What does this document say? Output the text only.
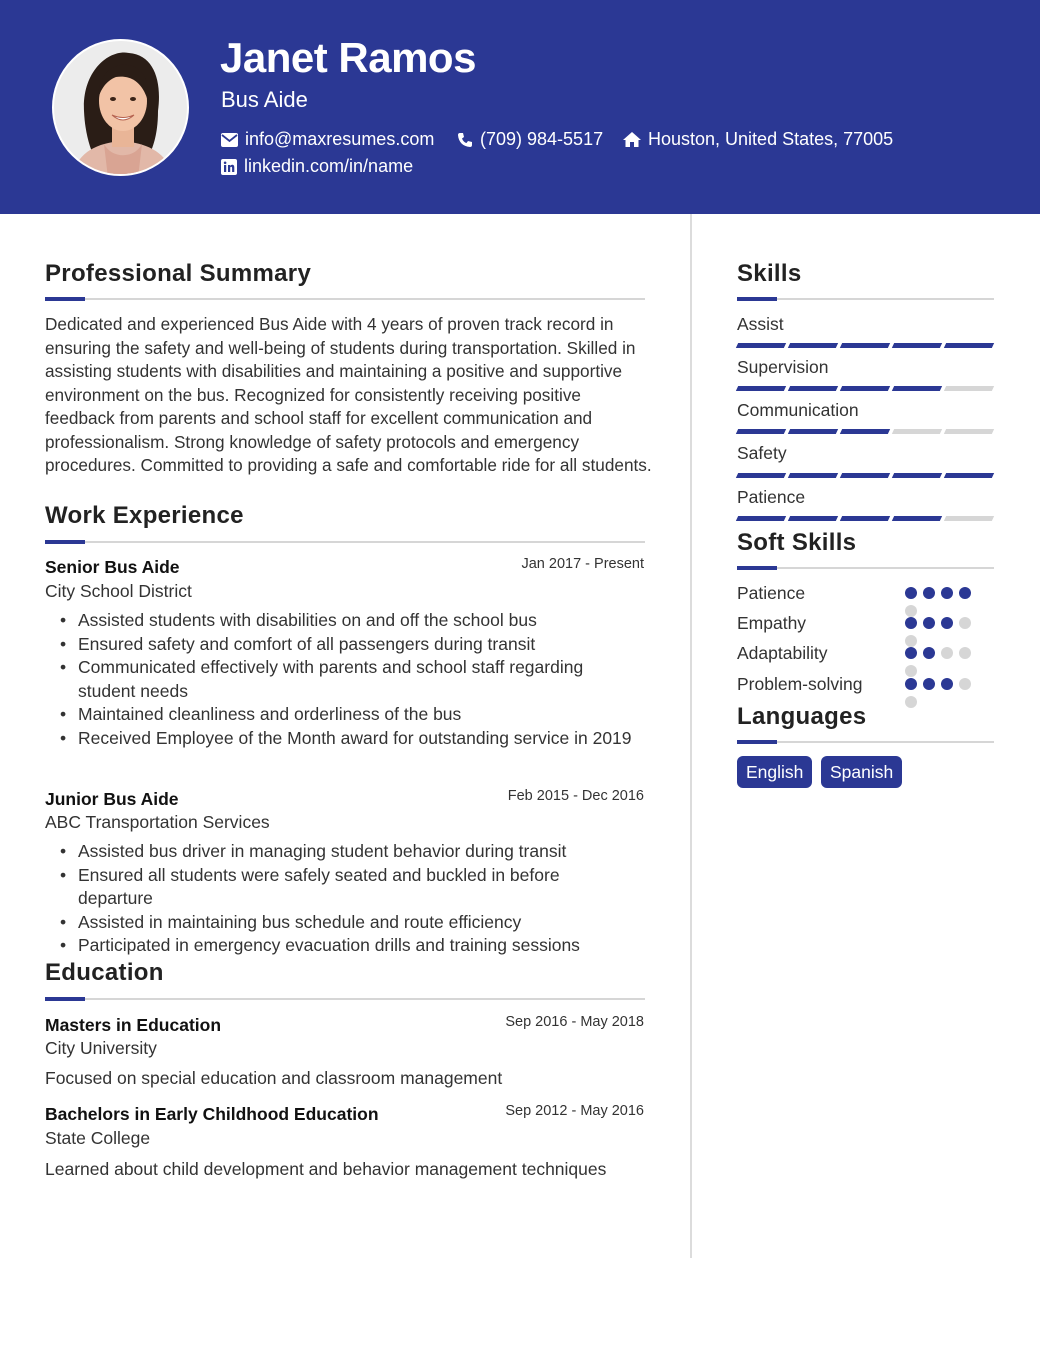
Janet Ramos
Bus Aide
info@maxresumes.com	(709) 984-5517 Houston, United States, 77005
linkedin.com/in/name
Professional Summary
Dedicated and experienced Bus Aide with 4 years of proven track record in ensuring the safety and well-being of students during transportation. Skilled in assisting students with disabilities and maintaining a positive and supportive environment on the bus. Recognized for consistently receiving positive feedback from parents and school staff for excellent communication and professionalism. Strong knowledge of safety protocols and emergency procedures. Committed to providing a safe and comfortable ride for all students.
Work Experience
Senior Bus Aide	Jan 2017 - Present
City School District
• Assisted students with disabilities on and off the school bus
• Ensured safety and comfort of all passengers during transit
• Communicated effectively with parents and school staff regarding student needs
• Maintained cleanliness and orderliness of the bus
• Received Employee of the Month award for outstanding service in 2019
Junior Bus Aide	Feb 2015 - Dec 2016
ABC Transportation Services
• Assisted bus driver in managing student behavior during transit
• Ensured all students were safely seated and buckled in before departure
• Assisted in maintaining bus schedule and route efficiency
• Participated in emergency evacuation drills and training sessions
Education
Masters in Education	Sep 2016 - May 2018
City University
Focused on special education and classroom management
Bachelors in Early Childhood Education	Sep 2012 - May 2016
State College
Learned about child development and behavior management techniques
Skills
Assist
Supervision
Communication
Safety
Patience
Soft Skills
Patience
Empathy
Adaptability
Problem-solving
Languages
English	Spanish
